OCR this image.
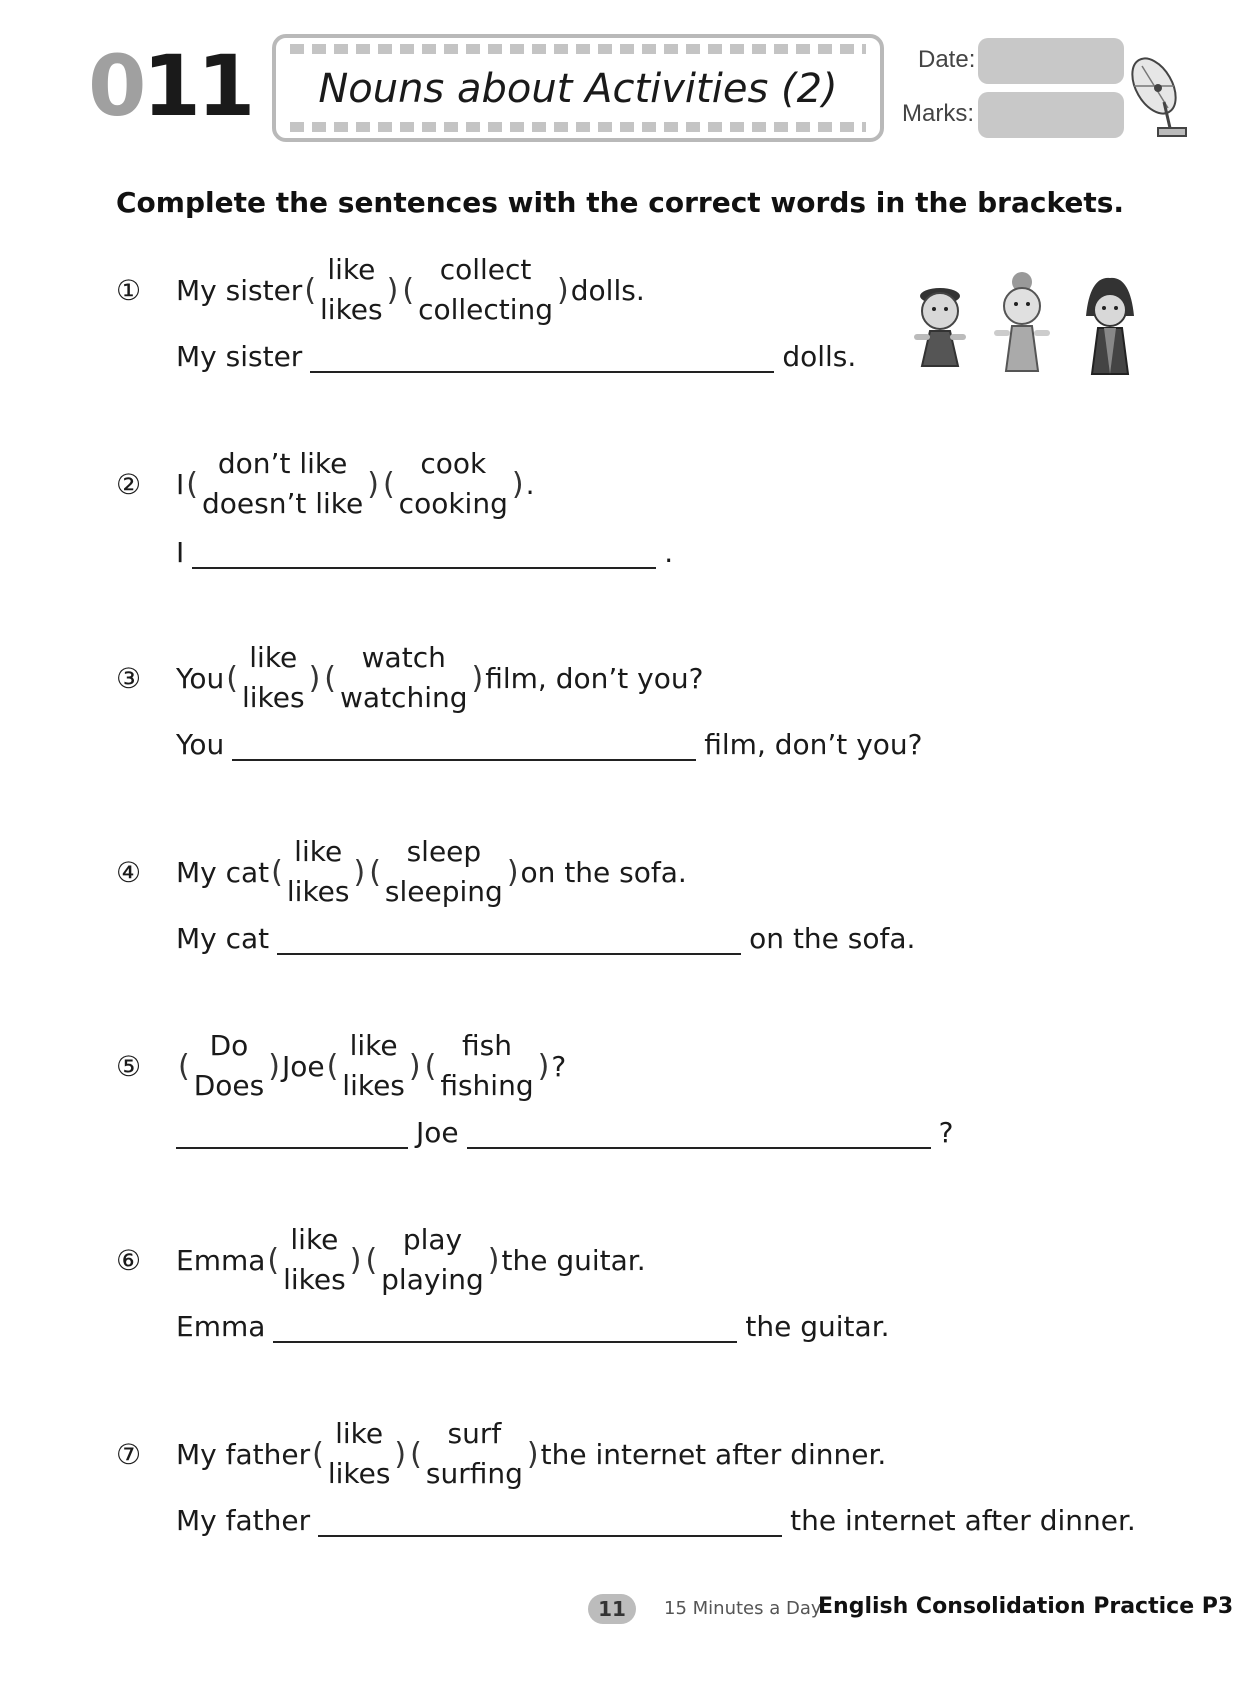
011	Nouns about Activities (2)
Date:
Marks:
Complete the sentences with the correct words in the brackets.
① My sister (
like
likes
) (
collect
collecting
) dolls.
My sister	dolls.
② I (
don’t like
doesn’t like
) (
cook
cooking
) .
I	.
③ You (
like
likes
) (
watch
watching
) film, don’t you?
You	film, don’t you?
④ My cat (
like
likes
) (
sleep
sleeping
) on the sofa.
My cat	on the sofa.
⑤ (
Do
Does
) Joe (
like
likes
) (
fish
fishing
) ?
Joe	?
⑥ Emma (
like
likes
) (
play
playing
) the guitar.
Emma	the guitar.
⑦ My father (
like
likes
) (
surf
surfing
) the internet after dinner.
My father	the internet after dinner.
11	15 Minutes a Day
English Consolidation Practice P3
